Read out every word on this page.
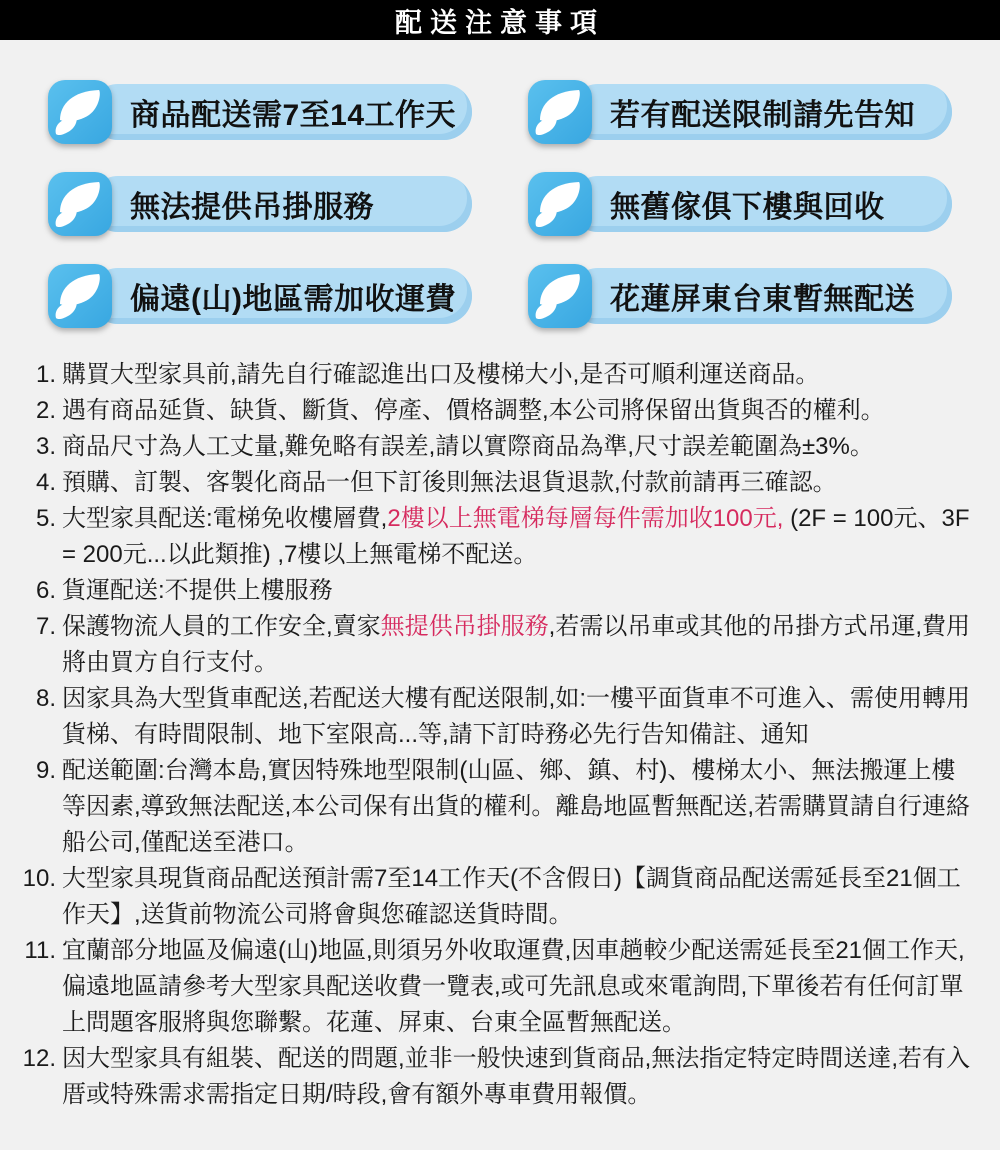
配送注意事項
商品配送需7至14工作天	若有配送限制請先告知
無法提供吊掛服務	無舊傢俱下樓與回收
偏遠(山)地區需加收運費	花蓮屏東台東暫無配送
1. 購買大型家具前,請先自行確認進出口及樓梯大小,是否可順利運送商品。
2. 遇有商品延貨、缺貨、斷貨、停產、價格調整,本公司將保留出貨與否的權利。
3. 商品尺寸為人工丈量,難免略有誤差,請以實際商品為準,尺寸誤差範圍為±3%。
4. 預購、訂製、客製化商品一但下訂後則無法退貨退款,付款前請再三確認。
5. 大型家具配送:電梯免收樓層費,2樓以上無電梯每層每件需加收100元, (2F = 100元、3F = 200元...以此類推) ,7樓以上無電梯不配送。
6. 貨運配送:不提供上樓服務
7. 保護物流人員的工作安全,賣家無提供吊掛服務,若需以吊車或其他的吊掛方式吊運,費用將由買方自行支付。
8. 因家具為大型貨車配送,若配送大樓有配送限制,如:一樓平面貨車不可進入、需使用轉用貨梯、有時間限制、地下室限高...等,請下訂時務必先行告知備註、通知
9. 配送範圍:台灣本島,實因特殊地型限制(山區、鄉、鎮、村)、樓梯太小、無法搬運上樓等因素,導致無法配送,本公司保有出貨的權利。離島地區暫無配送,若需購買請自行連絡船公司,僅配送至港口。
10. 大型家具現貨商品配送預計需7至14工作天(不含假日)【調貨商品配送需延長至21個工作天】,送貨前物流公司將會與您確認送貨時間。
11. 宜蘭部分地區及偏遠(山)地區,則須另外收取運費,因車趟較少配送需延長至21個工作天,偏遠地區請參考大型家具配送收費一覽表,或可先訊息或來電詢問,下單後若有任何訂單上問題客服將與您聯繫。花蓮、屏東、台東全區暫無配送。
12. 因大型家具有組裝、配送的問題,並非一般快速到貨商品,無法指定特定時間送達,若有入厝或特殊需求需指定日期/時段,會有額外專車費用報價。
